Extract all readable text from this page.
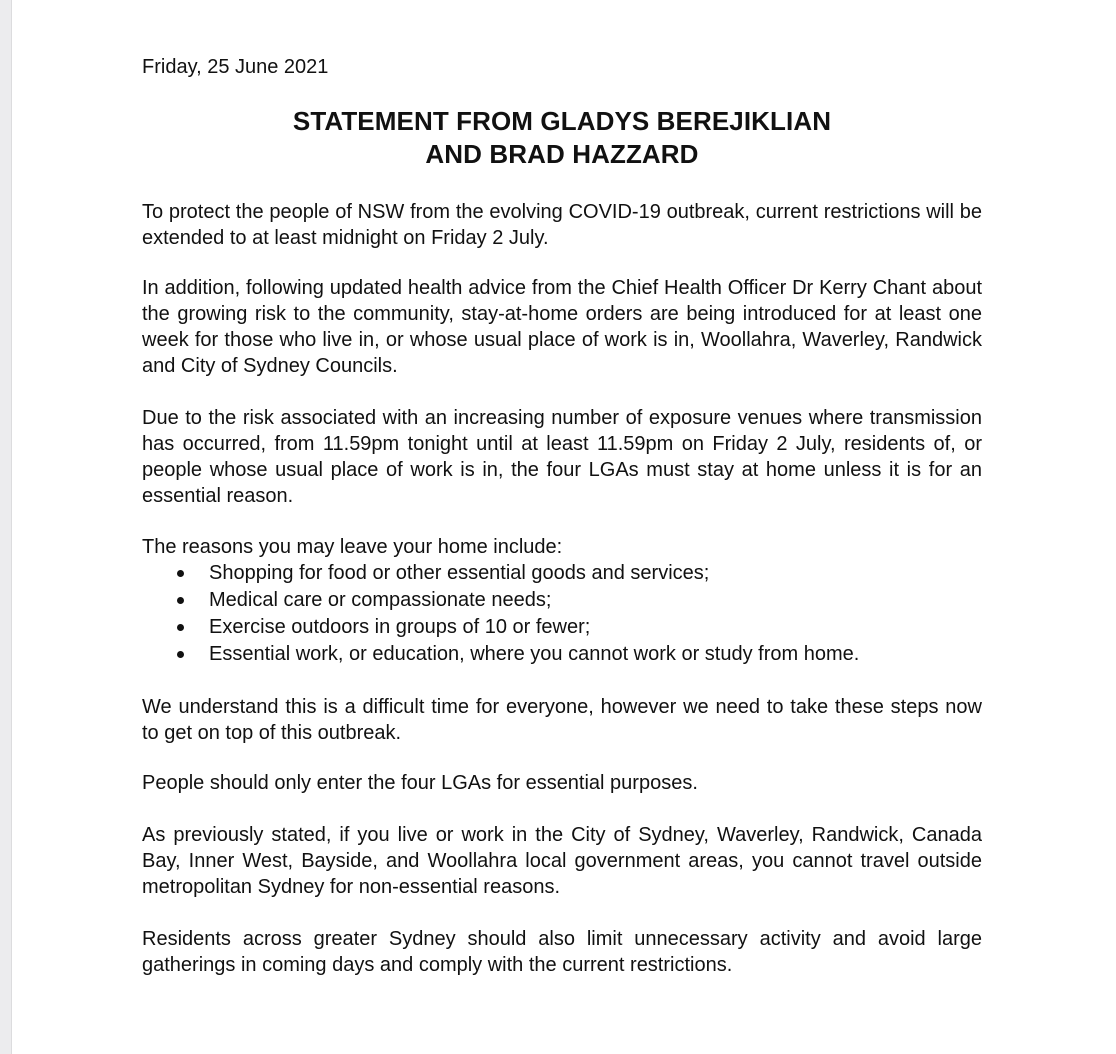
Friday, 25 June 2021

STATEMENT FROM GLADYS BEREJIKLIAN
AND BRAD HAZZARD

To protect the people of NSW from the evolving COVID-19 outbreak, current restrictions will be extended to at least midnight on Friday 2 July.

In addition, following updated health advice from the Chief Health Officer Dr Kerry Chant about the growing risk to the community, stay-at-home orders are being introduced for at least one week for those who live in, or whose usual place of work is in, Woollahra, Waverley, Randwick and City of Sydney Councils.

Due to the risk associated with an increasing number of exposure venues where transmission has occurred, from 11.59pm tonight until at least 11.59pm on Friday 2 July, residents of, or people whose usual place of work is in, the four LGAs must stay at home unless it is for an essential reason.

The reasons you may leave your home include:

Shopping for food or other essential goods and services;
Medical care or compassionate needs;
Exercise outdoors in groups of 10 or fewer;
Essential work, or education, where you cannot work or study from home.

We understand this is a difficult time for everyone, however we need to take these steps now to get on top of this outbreak.

People should only enter the four LGAs for essential purposes.

As previously stated, if you live or work in the City of Sydney, Waverley, Randwick, Canada Bay, Inner West, Bayside, and Woollahra local government areas, you cannot travel outside metropolitan Sydney for non-essential reasons.

Residents across greater Sydney should also limit unnecessary activity and avoid large gatherings in coming days and comply with the current restrictions.
